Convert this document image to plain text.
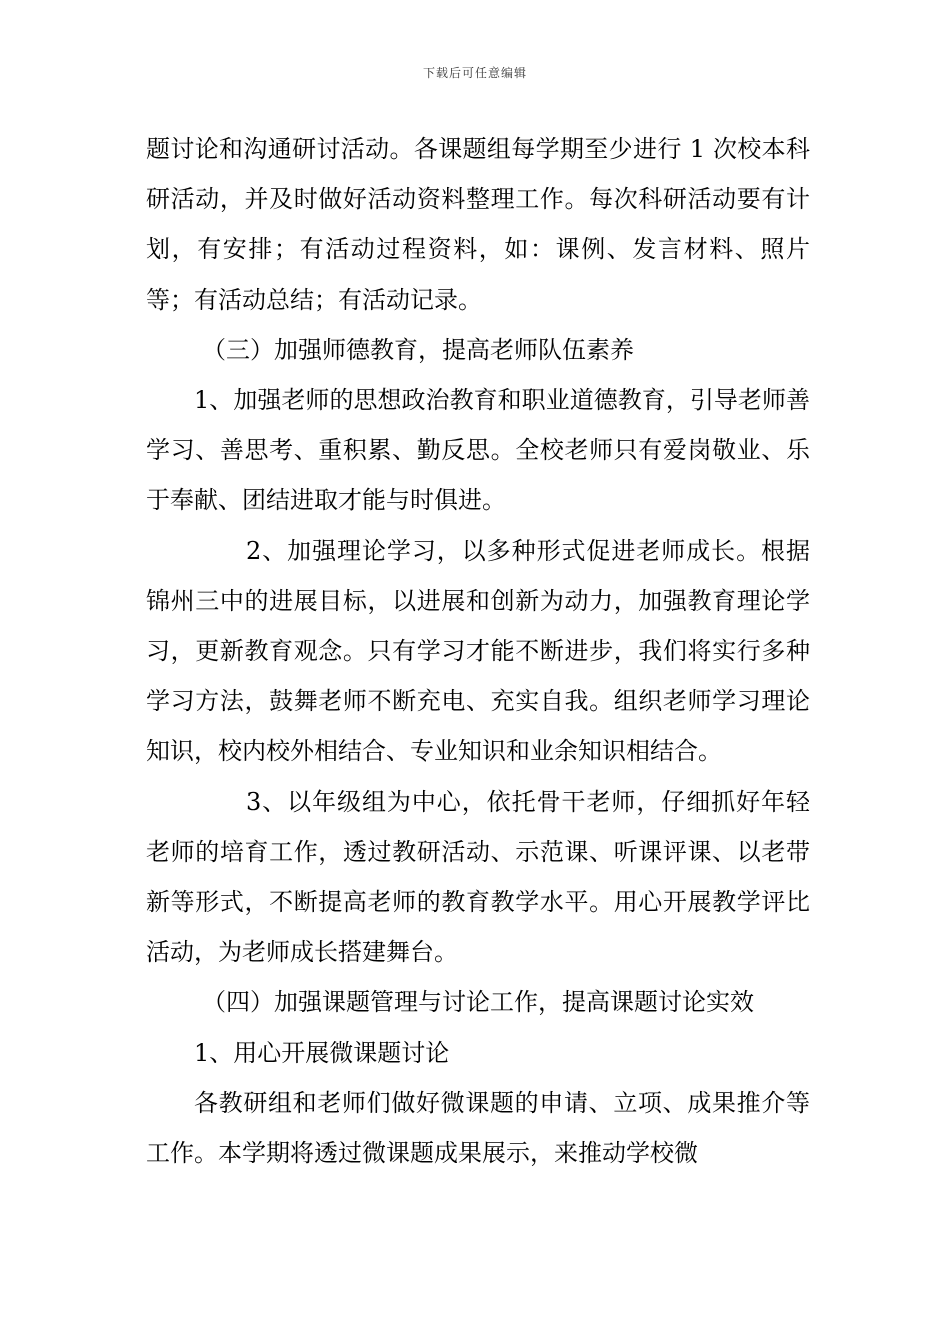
下载后可任意编辑

题讨论和沟通研讨活动。各课题组每学期至少进行 1 次校本科研活动，并及时做好活动资料整理工作。每次科研活动要有计划，有安排；有活动过程资料，如：课例、发言材料、照片等；有活动总结；有活动记录。

（三）加强师德教育，提高老师队伍素养

1、加强老师的思想政治教育和职业道德教育，引导老师善学习、善思考、重积累、勤反思。全校老师只有爱岗敬业、乐于奉献、团结进取才能与时俱进。

2、加强理论学习，以多种形式促进老师成长。根据锦州三中的进展目标，以进展和创新为动力，加强教育理论学习，更新教育观念。只有学习才能不断进步，我们将实行多种学习方法，鼓舞老师不断充电、充实自我。组织老师学习理论知识，校内校外相结合、专业知识和业余知识相结合。

3、以年级组为中心，依托骨干老师，仔细抓好年轻老师的培育工作，透过教研活动、示范课、听课评课、以老带新等形式，不断提高老师的教育教学水平。用心开展教学评比活动，为老师成长搭建舞台。

（四）加强课题管理与讨论工作，提高课题讨论实效

1、用心开展微课题讨论

各教研组和老师们做好微课题的申请、立项、成果推介等工作。本学期将透过微课题成果展示，来推动学校微
